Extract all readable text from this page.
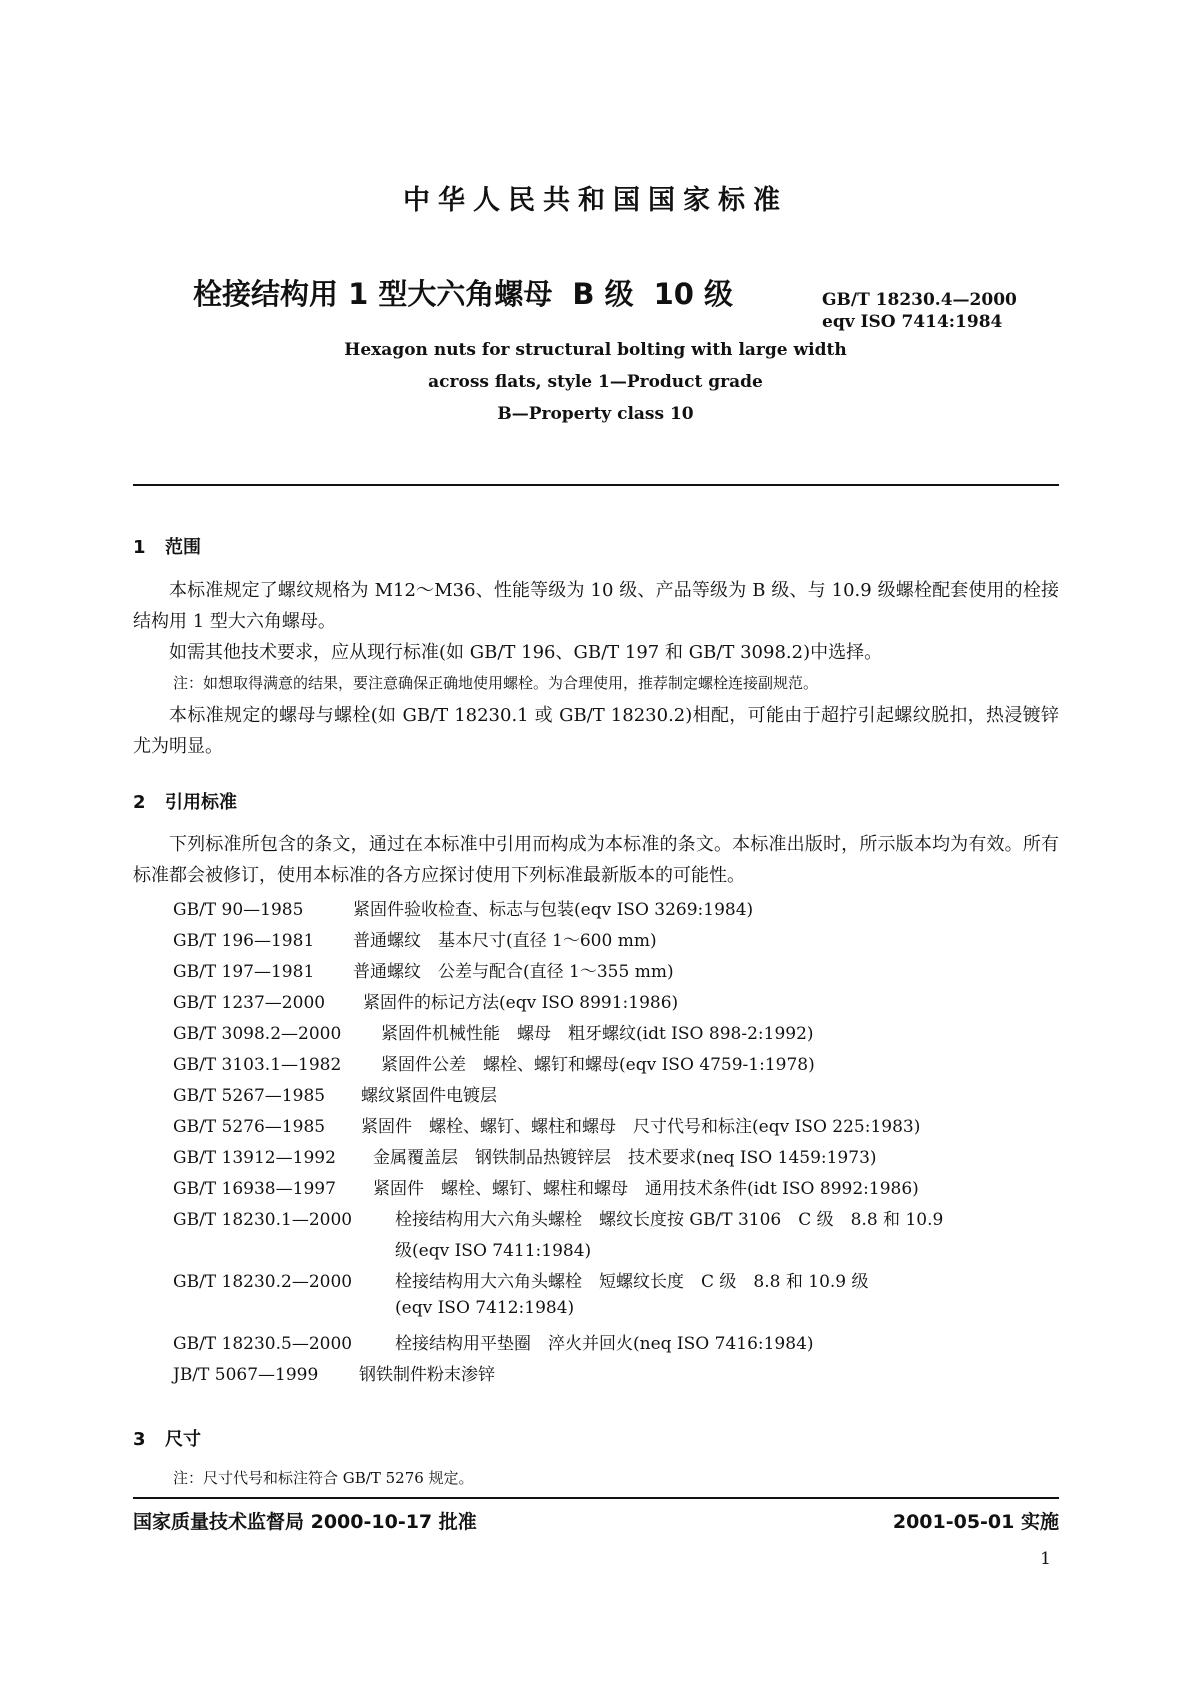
中华人民共和国国家标准
栓接结构用 1 型大六角螺母 B 级 10 级	GB/T 18230.4—2000
eqv ISO 7414:1984
Hexagon nuts for structural bolting with large width
across flats, style 1—Product grade
B—Property class 10
1 范围
本标准规定了螺纹规格为 M12～M36、性能等级为 10 级、产品等级为 B 级、与 10.9 级螺栓配套使用的栓接结构用 1 型大六角螺母。
如需其他技术要求，应从现行标准(如 GB/T 196、GB/T 197 和 GB/T 3098.2)中选择。
注：如想取得满意的结果，要注意确保正确地使用螺栓。为合理使用，推荐制定螺栓连接副规范。
本标准规定的螺母与螺栓(如 GB/T 18230.1 或 GB/T 18230.2)相配，可能由于超拧引起螺纹脱扣，热浸镀锌尤为明显。
2 引用标准
下列标准所包含的条文，通过在本标准中引用而构成为本标准的条文。本标准出版时，所示版本均为有效。所有标准都会被修订，使用本标准的各方应探讨使用下列标准最新版本的可能性。
GB/T 90—1985	紧固件验收检查、标志与包装(eqv ISO 3269:1984)
GB/T 196—1981 普通螺纹　基本尺寸(直径 1～600 mm)
GB/T 197—1981 普通螺纹　公差与配合(直径 1～355 mm)
GB/T 1237—2000 紧固件的标记方法(eqv ISO 8991:1986)
GB/T 3098.2—2000 紧固件机械性能　螺母　粗牙螺纹(idt ISO 898-2:1992)
GB/T 3103.1—1982 紧固件公差　螺栓、螺钉和螺母(eqv ISO 4759-1:1978)
GB/T 5267—1985 螺纹紧固件电镀层
GB/T 5276—1985 紧固件　螺栓、螺钉、螺柱和螺母　尺寸代号和标注(eqv ISO 225:1983)
GB/T 13912—1992 金属覆盖层　钢铁制品热镀锌层　技术要求(neq ISO 1459:1973)
GB/T 16938—1997 紧固件　螺栓、螺钉、螺柱和螺母　通用技术条件(idt ISO 8992:1986)
GB/T 18230.1—2000	栓接结构用大六角头螺栓　螺纹长度按 GB/T 3106　C 级　8.8 和 10.9
级(eqv ISO 7411:1984)
GB/T 18230.2—2000	栓接结构用大六角头螺栓　短螺纹长度　C 级　8.8 和 10.9 级
(eqv ISO 7412:1984)
GB/T 18230.5—2000	栓接结构用平垫圈　淬火并回火(neq ISO 7416:1984)
JB/T 5067—1999 钢铁制件粉末渗锌
3 尺寸
注：尺寸代号和标注符合 GB/T 5276 规定。
国家质量技术监督局 2000-10-17 批准	2001-05-01 实施
1
